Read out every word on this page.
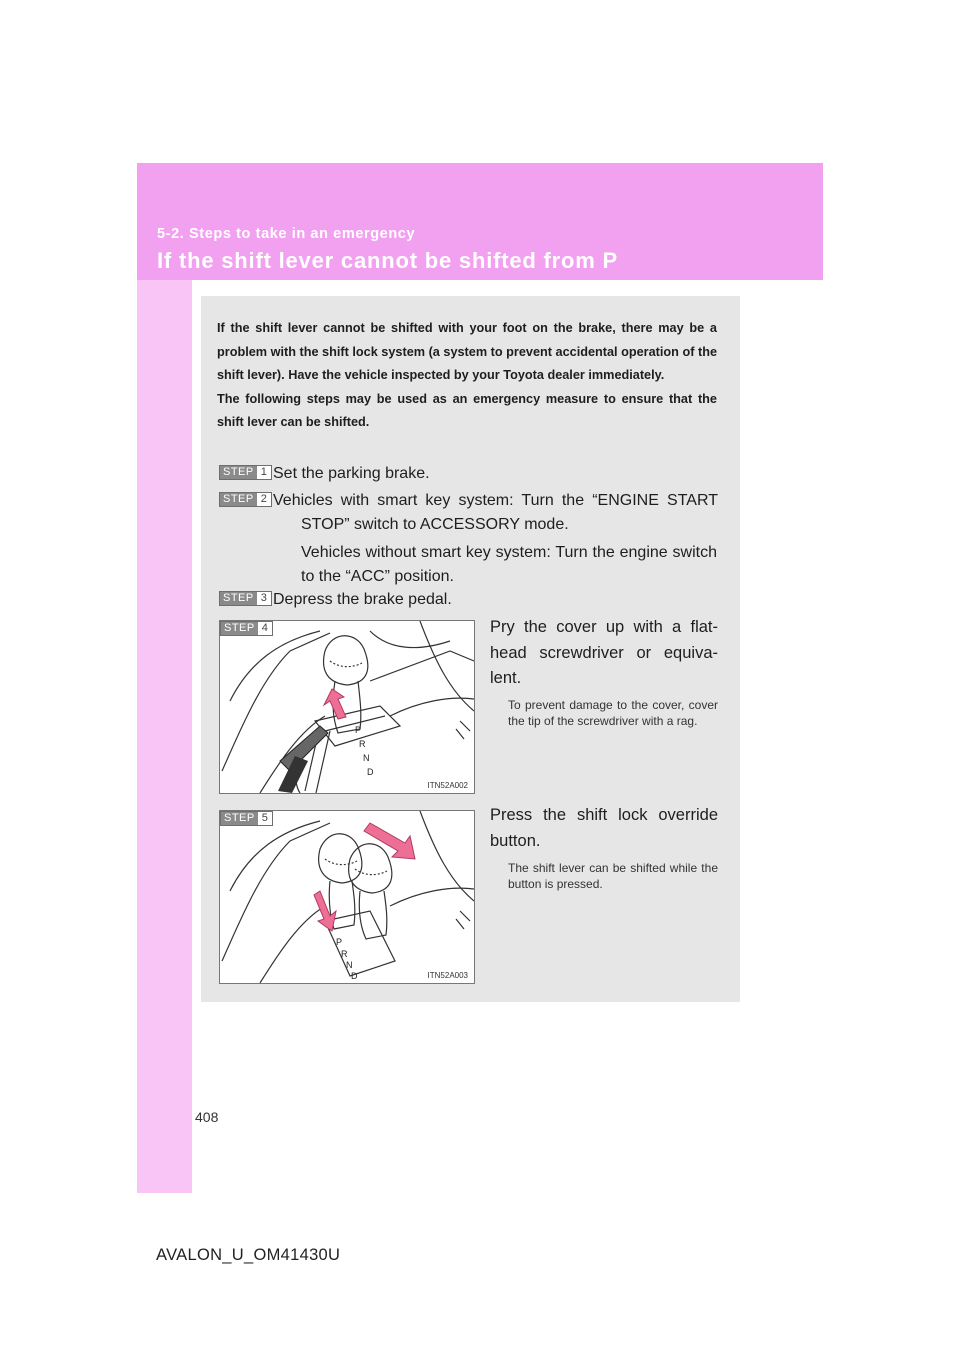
5-2. Steps to take in an emergency
If the shift lever cannot be shifted from P

If the shift lever cannot be shifted with your foot on the brake, there may be a problem with the shift lock system (a system to prevent accidental operation of the shift lever). Have the vehicle inspected by your Toyota dealer immediately.

The following steps may be used as an emergency measure to ensure that the shift lever can be shifted.

STEP 1 Set the parking brake.
STEP 2 Vehicles with smart key system: Turn the “ENGINE START STOP” switch to ACCESSORY mode.

Vehicles without smart key system: Turn the engine switch to the “ACC” position.

STEP 3 Depress the brake pedal.
P
R
N
D
STEP 4
ITN52A002
Pry the cover up with a flat-head screwdriver or equiva-lent.
To prevent damage to the cover, cover the tip of the screwdriver with a rag.
P
R
N
D
STEP 5
ITN52A003
Press the shift lock override button.
The shift lever can be shifted while the button is pressed.
408
AVALON_U_OM41430U
